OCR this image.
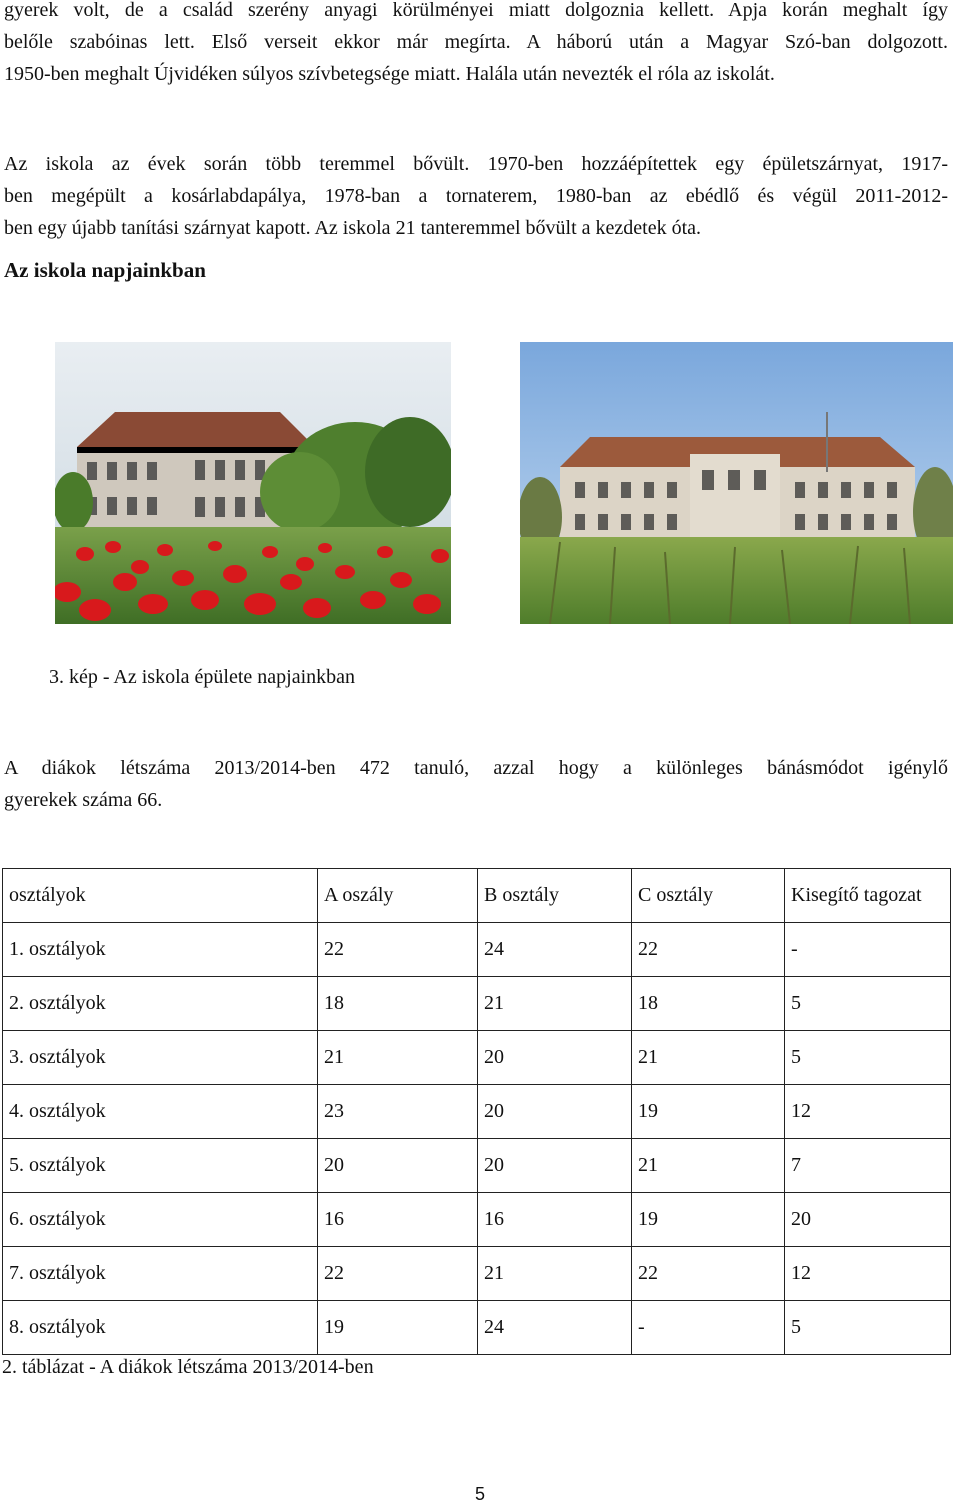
gyerek volt, de a család szerény anyagi körülményei miatt dolgoznia kellett. Apja korán meghalt így
belőle szabóinas lett. Első verseit ekkor már megírta. A háború után a Magyar Szó-ban dolgozott.
1950-ben meghalt Újvidéken súlyos szívbetegsége miatt. Halála után nevezték el róla az iskolát.
Az iskola az évek során több teremmel bővült. 1970-ben hozzáépítettek egy épületszárnyat, 1917-
ben megépült a kosárlabdapálya, 1978-ban a tornaterem, 1980-ban az ebédlő és végül 2011-2012-
ben egy újabb tanítási szárnyat kapott. Az iskola 21 tanteremmel bővült a kezdetek óta.
Az iskola napjainkban

3. kép - Az iskola épülete napjainkban

A diákok létszáma 2013/2014-ben 472 tanuló, azzal hogy a különleges bánásmódot igénylő
gyerekek száma 66.
osztályok	A oszály	B osztály	C osztály	Kisegítő tagozat
1. osztályok	22	24	22	-
2. osztályok	18	21	18	5
3. osztályok	21	20	21	5
4. osztályok	23	20	19	12
5. osztályok	20	20	21	7
6. osztályok	16	16	19	20
7. osztályok	22	21	22	12
8. osztályok	19	24	-	5

2. táblázat - A diákok létszáma 2013/2014-ben

5
